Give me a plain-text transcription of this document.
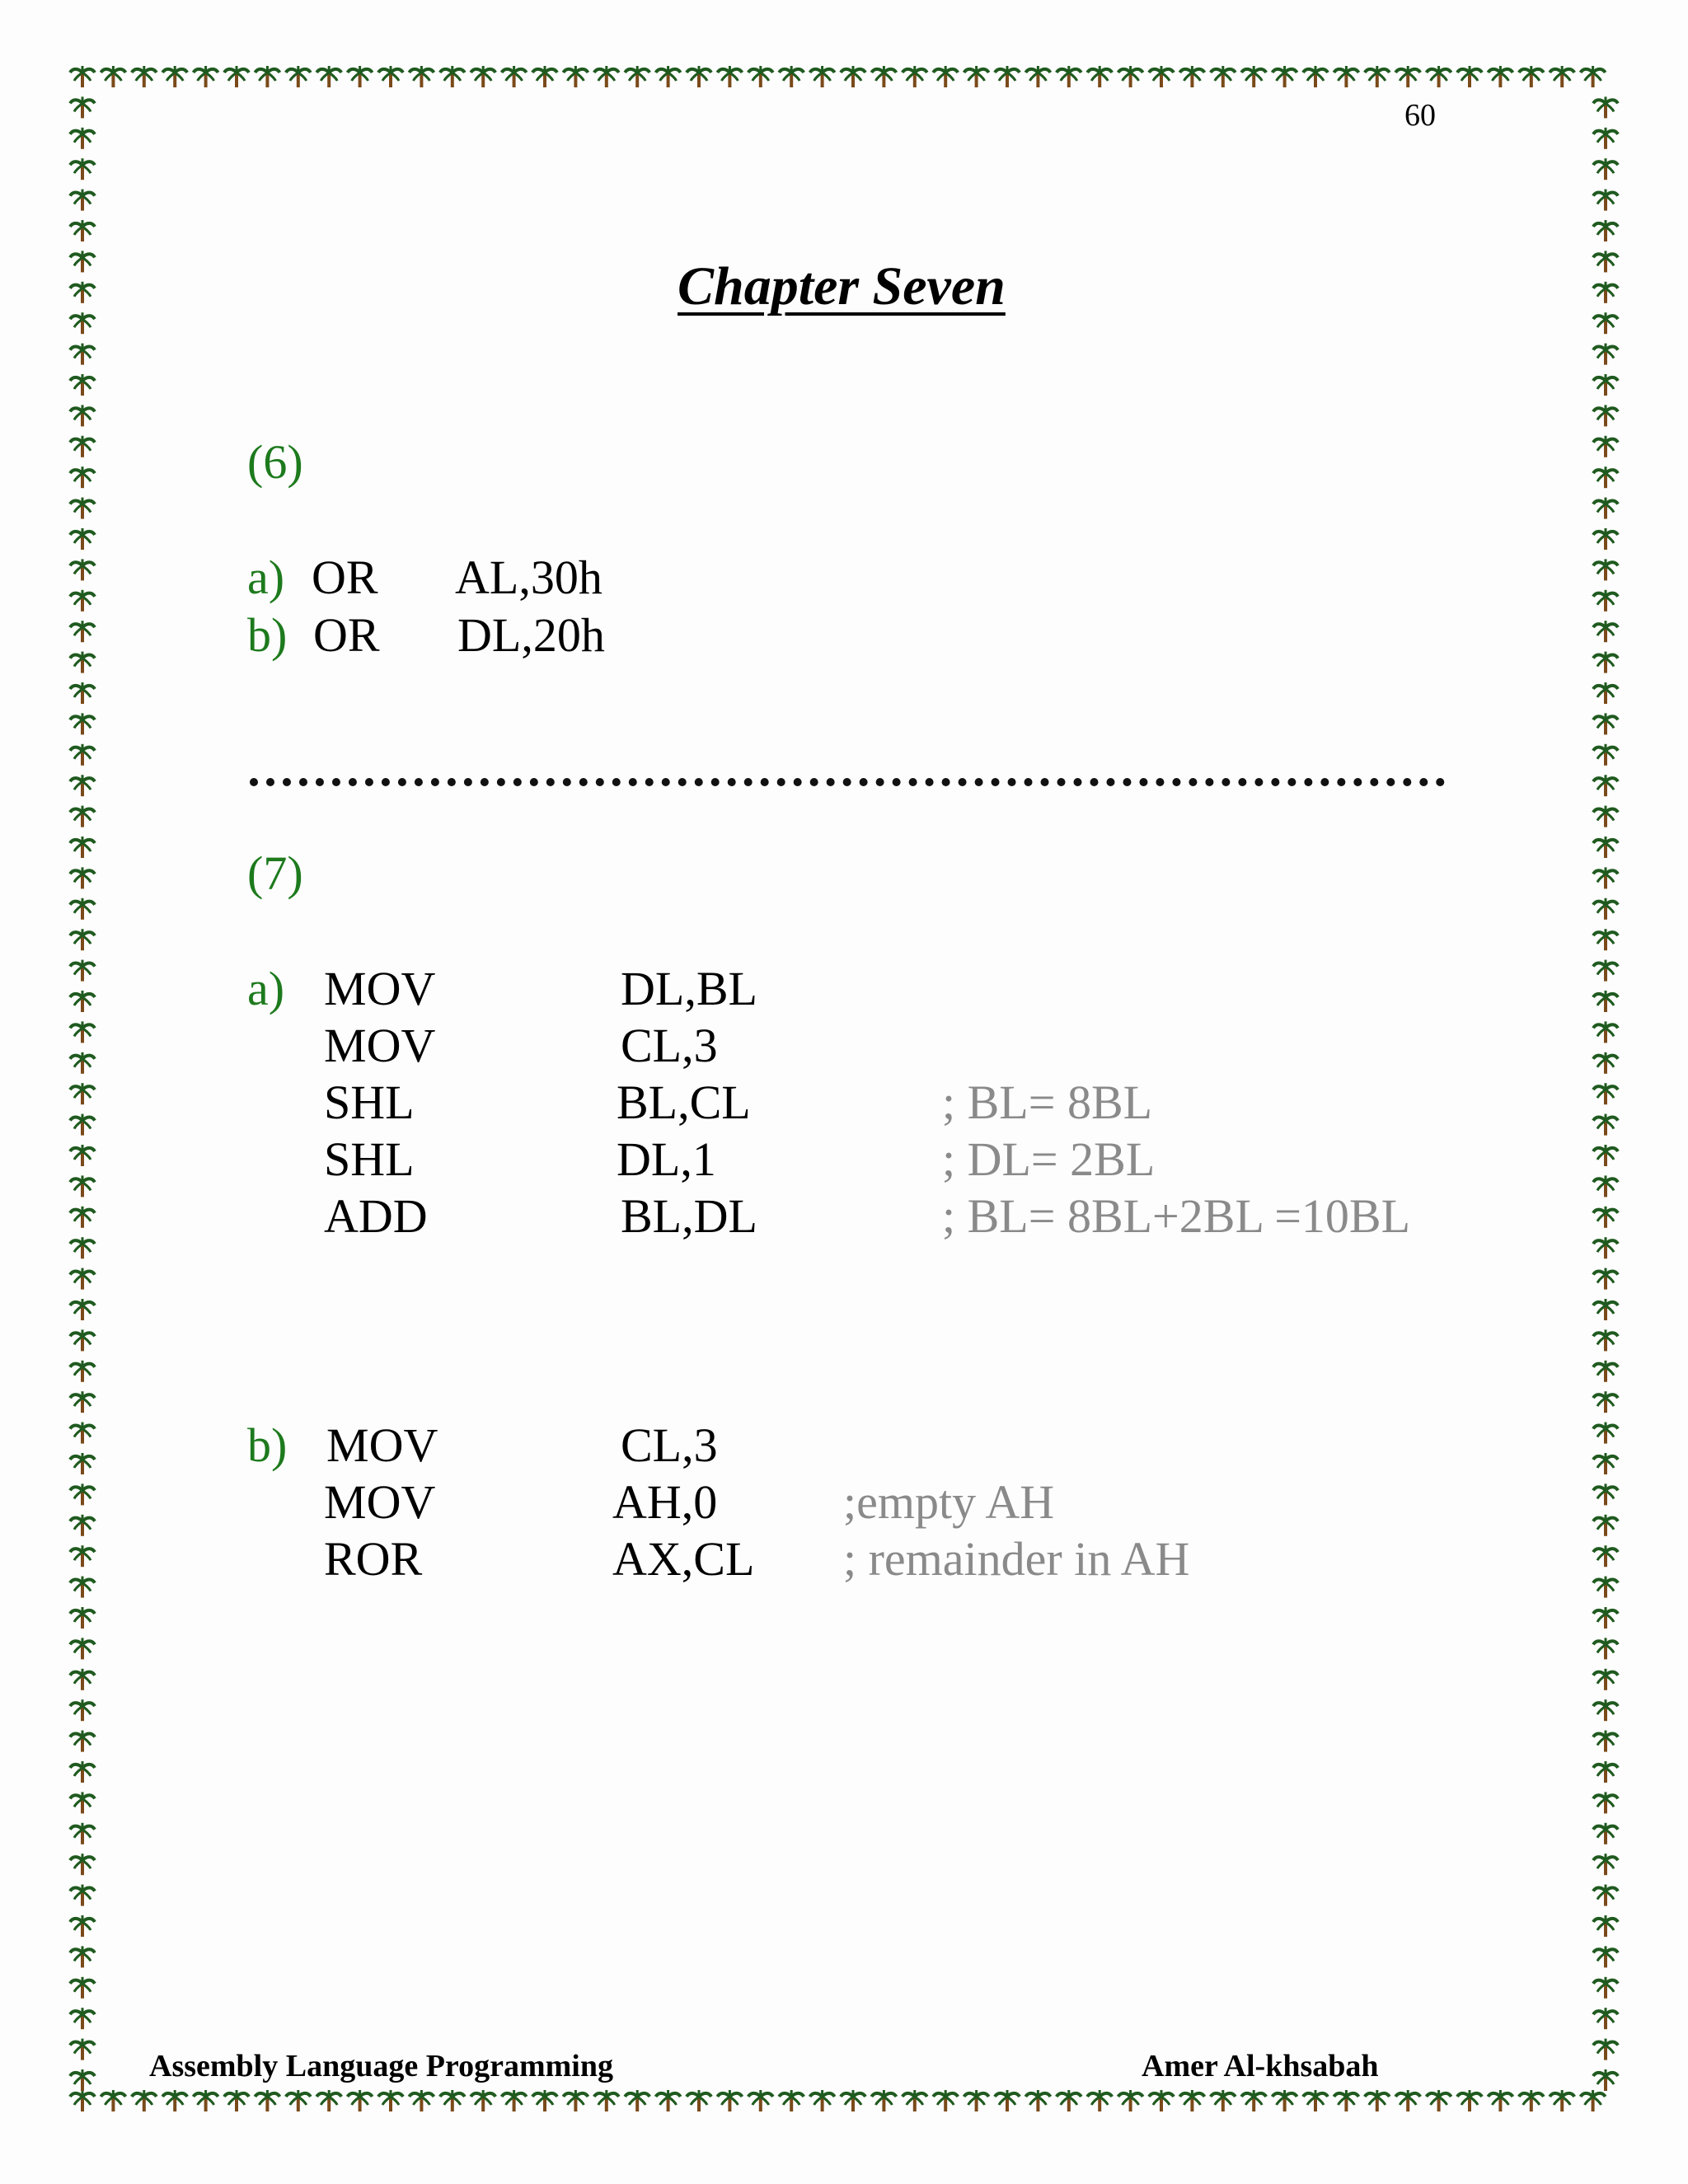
60
Chapter Seven
(6)
a) OR AL,30h
b) OR DL,20h
(7)
a) MOV	DL,BL
MOV	CL,3
SHL	BL,CL	; BL= 8BL
SHL	DL,1	; DL= 2BL
ADD	BL,DL	; BL= 8BL+2BL =10BL
b) MOV	CL,3
MOV	AH,0	;empty AH
ROR	AX,CL ; remainder in AH
Assembly Language Programming	Amer Al-khsabah
